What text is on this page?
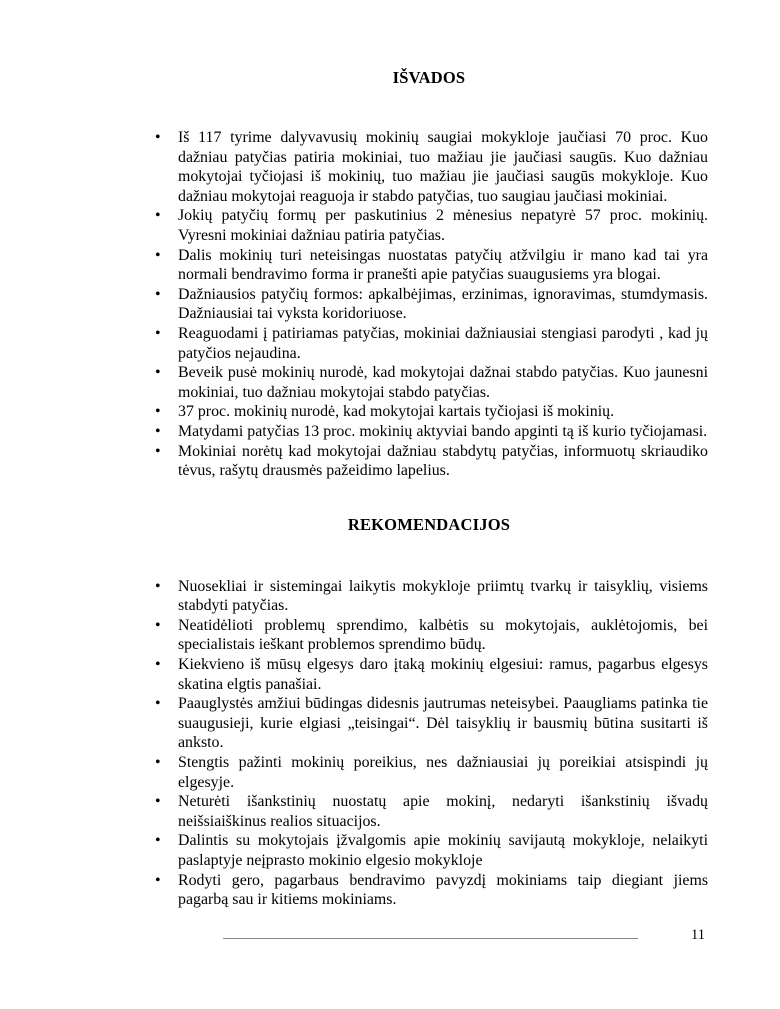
IŠVADOS
• Iš 117 tyrime dalyvavusių mokinių saugiai mokykloje jaučiasi 70 proc. Kuo dažniau patyčias patiria mokiniai, tuo mažiau jie jaučiasi saugūs. Kuo dažniau mokytojai tyčiojasi iš mokinių, tuo mažiau jie jaučiasi saugūs mokykloje. Kuo dažniau mokytojai reaguoja ir stabdo patyčias, tuo saugiau jaučiasi mokiniai.
• Jokių patyčių formų per paskutinius 2 mėnesius nepatyrė 57 proc. mokinių. Vyresni mokiniai dažniau patiria patyčias.
• Dalis mokinių turi neteisingas nuostatas patyčių atžvilgiu ir mano kad tai yra normali bendravimo forma ir pranešti apie patyčias suaugusiems yra blogai.
• Dažniausios patyčių formos: apkalbėjimas, erzinimas, ignoravimas, stumdymasis. Dažniausiai tai vyksta koridoriuose.
• Reaguodami į patiriamas patyčias, mokiniai dažniausiai stengiasi parodyti , kad jų patyčios nejaudina.
• Beveik pusė mokinių nurodė, kad mokytojai dažnai stabdo patyčias. Kuo jaunesni mokiniai, tuo dažniau mokytojai stabdo patyčias.
• 37 proc. mokinių nurodė, kad mokytojai kartais tyčiojasi iš mokinių.
• Matydami patyčias 13 proc. mokinių aktyviai bando apginti tą iš kurio tyčiojamasi.
• Mokiniai norėtų kad mokytojai dažniau stabdytų patyčias, informuotų skriaudiko tėvus, rašytų drausmės pažeidimo lapelius.
REKOMENDACIJOS
• Nuosekliai ir sistemingai laikytis mokykloje priimtų tvarkų ir taisyklių, visiems stabdyti patyčias.
• Neatidėlioti problemų sprendimo, kalbėtis su mokytojais, auklėtojomis, bei specialistais ieškant problemos sprendimo būdų.
• Kiekvieno iš mūsų elgesys daro įtaką mokinių elgesiui: ramus, pagarbus elgesys skatina elgtis panašiai.
• Paauglystės amžiui būdingas didesnis jautrumas neteisybei. Paaugliams patinka tie suaugusieji, kurie elgiasi „teisingai“. Dėl taisyklių ir bausmių būtina susitarti iš anksto.
• Stengtis pažinti mokinių poreikius, nes dažniausiai jų poreikiai atsispindi jų elgesyje.
• Neturėti išankstinių nuostatų apie mokinį, nedaryti išankstinių išvadų neišsiaiškinus realios situacijos.
• Dalintis su mokytojais įžvalgomis apie mokinių savijautą mokykloje, nelaikyti paslaptyje neįprasto mokinio elgesio mokykloje
• Rodyti gero, pagarbaus bendravimo pavyzdį mokiniams taip diegiant jiems pagarbą sau ir kitiems mokiniams.
11
